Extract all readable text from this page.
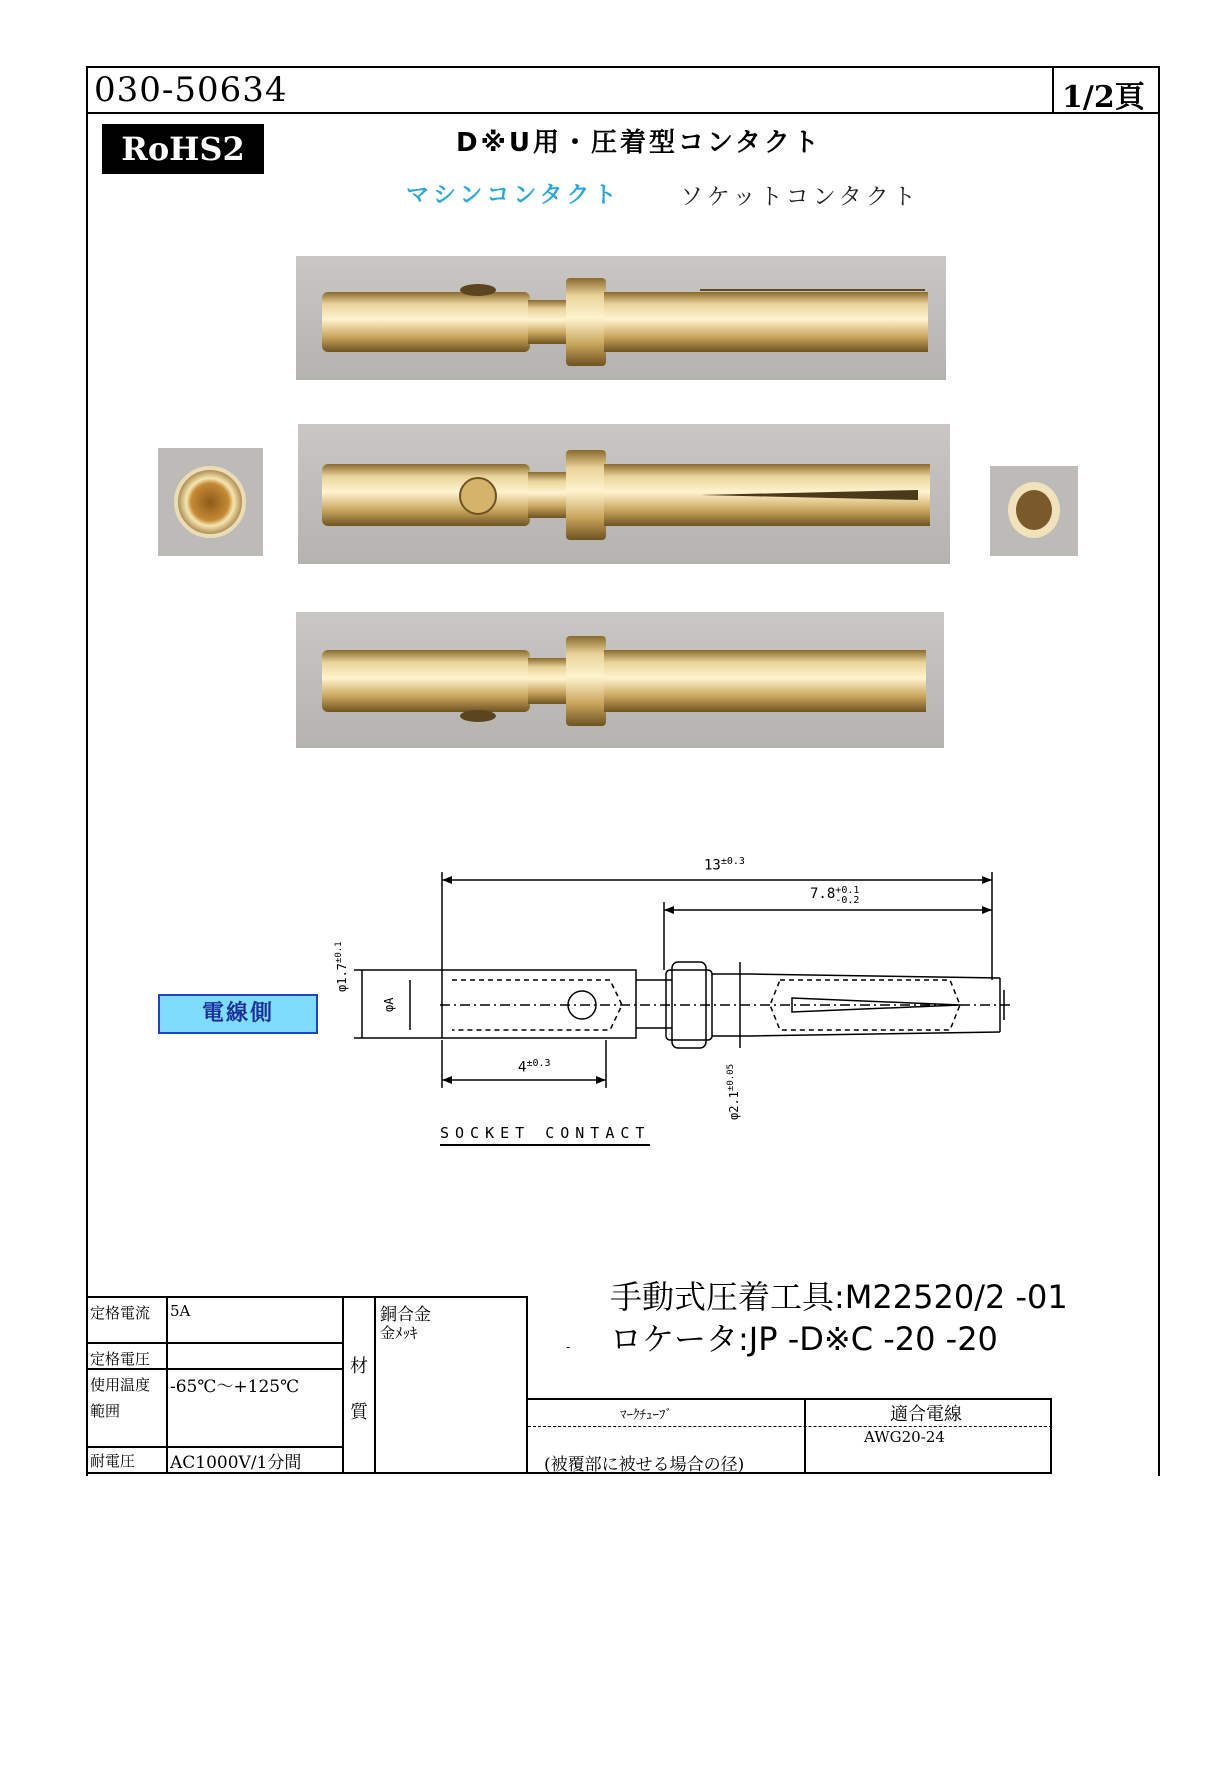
030-50634	1/2頁
RoHS2	D※U用・圧着型コンタクト
マシンコンタクト	ソケットコンタクト
$13^{\pm 0.3}$
7.8+0.1
-0.2
$4^{\pm 0.3}$
$\varphi 1.7^{\pm 0.1}$
φA
$\varphi 2.1^{\pm 0.05}$
電線側
SOCKET CONTACT
手動式圧着工具:M22520/2 -01
ロケータ:JP -D※C -20 -20
-
定格電流 5A
定格電圧
使用温度
範囲
-65℃～+125℃
耐電圧 AC1000V/1分間
材
質
銅合金
金ﾒｯｷ
ﾏｰｸﾁｭｰﾌﾞ
(被覆部に被せる場合の径)
適合電線
AWG20-24
